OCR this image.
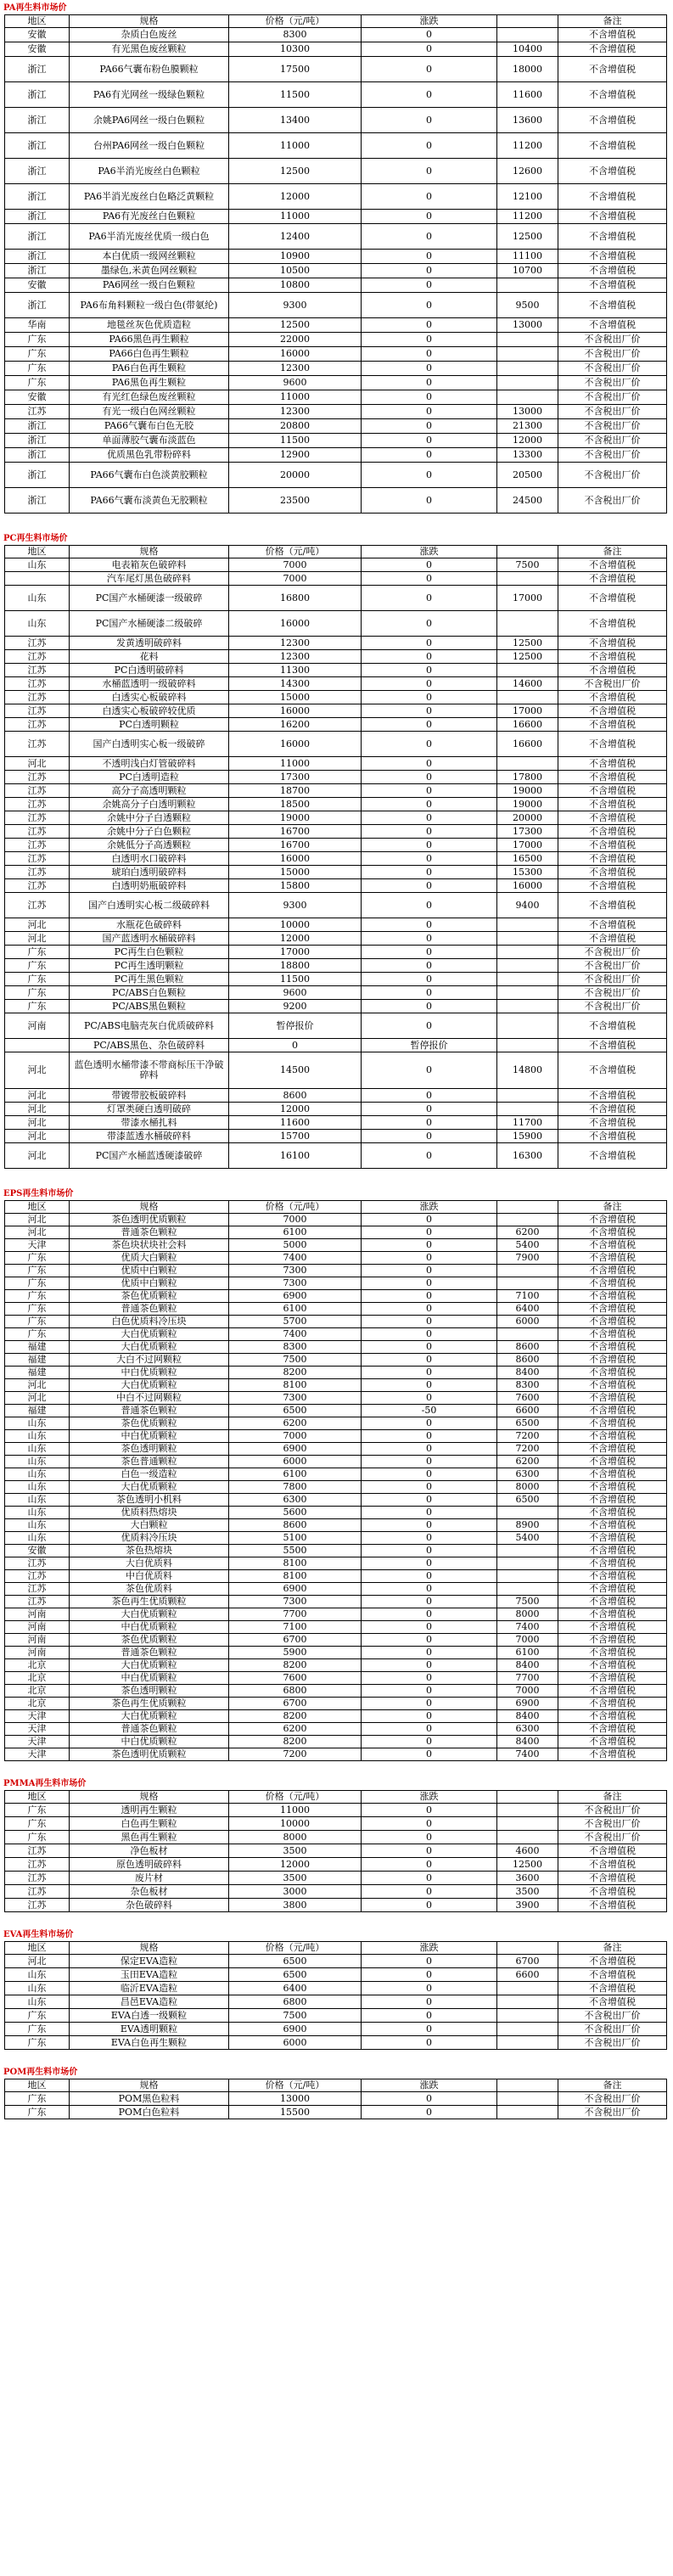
PA再生料市场价
地区	规格	价格（元/吨）	涨跌		备注
安徽	杂质白色废丝	8300	0		不含增值税
安徽	有光黑色废丝颗粒	10300	0	10400	不含增值税
浙江	PA66气囊布粉色膜颗粒	17500	0	18000	不含增值税
浙江	PA6有光网丝一级绿色颗粒	11500	0	11600	不含增值税
浙江	余姚PA6网丝一级白色颗粒	13400	0	13600	不含增值税
浙江	台州PA6网丝一级白色颗粒	11000	0	11200	不含增值税
浙江	PA6半消光废丝白色颗粒	12500	0	12600	不含增值税
浙江	PA6半消光废丝白色略泛黄颗粒	12000	0	12100	不含增值税
浙江	PA6有光废丝白色颗粒	11000	0	11200	不含增值税
浙江	PA6半消光废丝优质一级白色	12400	0	12500	不含增值税
浙江	本白优质一级网丝颗粒	10900	0	11100	不含增值税
浙江	墨绿色,米黄色网丝颗粒	10500	0	10700	不含增值税
安徽	PA6网丝一级白色颗粒	10800	0		不含增值税
浙江	PA6布角料颗粒一级白色(带氨纶)	9300	0	9500	不含增值税
华南	地毯丝灰色优质造粒	12500	0	13000	不含增值税
广东	PA66黑色再生颗粒	22000	0		不含税出厂价
广东	PA66白色再生颗粒	16000	0		不含税出厂价
广东	PA6白色再生颗粒	12300	0		不含税出厂价
广东	PA6黑色再生颗粒	9600	0		不含税出厂价
安徽	有光红色绿色废丝颗粒	11000	0		不含税出厂价
江苏	有光一级白色网丝颗粒	12300	0	13000	不含税出厂价
浙江	PA66气囊布白色无胶	20800	0	21300	不含税出厂价
浙江	单面薄胶气囊布淡蓝色	11500	0	12000	不含税出厂价
浙江	优质黑色乳带粉碎料	12900	0	13300	不含税出厂价
浙江	PA66气囊布白色淡黄胶颗粒	20000	0	20500	不含税出厂价
浙江	PA66气囊布淡黄色无胶颗粒	23500	0	24500	不含税出厂价
PC再生料市场价
地区	规格	价格（元/吨）	涨跌		备注
山东	电表箱灰色破碎料	7000	0	7500	不含增值税
	汽车尾灯黑色破碎料	7000	0		不含增值税
山东	PC国产水桶硬漆一级破碎	16800	0	17000	不含增值税
山东	PC国产水桶硬漆二级破碎	16000	0		不含增值税
江苏	发黄透明破碎料	12300	0	12500	不含增值税
江苏	花料	12300	0	12500	不含增值税
江苏	PC白透明破碎料	11300	0		不含增值税
江苏	水桶蓝透明一级破碎料	14300	0	14600	不含税出厂价
江苏	白透实心板破碎料	15000	0		不含增值税
江苏	白透实心板破碎较优质	16000	0	17000	不含增值税
江苏	PC白透明颗粒	16200	0	16600	不含增值税
江苏	国产白透明实心板一级破碎	16000	0	16600	不含增值税
河北	不透明浅白灯管破碎料	11000	0		不含增值税
江苏	PC白透明造粒	17300	0	17800	不含增值税
江苏	高分子高透明颗粒	18700	0	19000	不含增值税
江苏	余姚高分子白透明颗粒	18500	0	19000	不含增值税
江苏	余姚中分子白透颗粒	19000	0	20000	不含增值税
江苏	余姚中分子白色颗粒	16700	0	17300	不含增值税
江苏	余姚低分子高透颗粒	16700	0	17000	不含增值税
江苏	白透明水口破碎料	16000	0	16500	不含增值税
江苏	琥珀白透明破碎料	15000	0	15300	不含增值税
江苏	白透明奶瓶破碎料	15800	0	16000	不含增值税
江苏	国产白透明实心板二级破碎料	9300	0	9400	不含增值税
河北	水瓶花色破碎料	10000	0		不含增值税
河北	国产蓝透明水桶破碎料	12000	0		不含增值税
广东	PC再生白色颗粒	17000	0		不含税出厂价
广东	PC再生透明颗粒	18800	0		不含税出厂价
广东	PC再生黑色颗粒	11500	0		不含税出厂价
广东	PC/ABS白色颗粒	9600	0		不含税出厂价
广东	PC/ABS黑色颗粒	9200	0		不含税出厂价
河南	PC/ABS电脑壳灰白优质破碎料	暂停报价	0		不含增值税
	PC/ABS黑色、杂色破碎料	0	暂停报价		不含增值税
河北	蓝色透明水桶带漆不带商标压干净破碎料	14500	0	14800	不含增值税
河北	带镀带胶板破碎料	8600	0		不含增值税
河北	灯罩类硬白透明破碎	12000	0		不含增值税
河北	带漆水桶扎料	11600	0	11700	不含增值税
河北	带漆蓝透水桶破碎料	15700	0	15900	不含增值税
河北	PC国产水桶蓝透硬漆破碎	16100	0	16300	不含增值税
EPS再生料市场价
地区	规格	价格（元/吨）	涨跌		备注
河北	茶色透明优质颗粒	7000	0		不含增值税
河北	普通茶色颗粒	6100	0	6200	不含增值税
天津	茶色块状块社会料	5000	0	5400	不含增值税
广东	优质大白颗粒	7400	0	7900	不含增值税
广东	优质中白颗粒	7300	0		不含增值税
广东	优质中白颗粒	7300	0		不含增值税
广东	茶色优质颗粒	6900	0	7100	不含增值税
广东	普通茶色颗粒	6100	0	6400	不含增值税
广东	白色优质料冷压块	5700	0	6000	不含增值税
广东	大白优质颗粒	7400	0		不含增值税
福建	大白优质颗粒	8300	0	8600	不含增值税
福建	大白不过网颗粒	7500	0	8600	不含增值税
福建	中白优质颗粒	8200	0	8400	不含增值税
河北	大白优质颗粒	8100	0	8300	不含增值税
河北	中白不过网颗粒	7300	0	7600	不含增值税
福建	普通茶色颗粒	6500	-50	6600	不含增值税
山东	茶色优质颗粒	6200	0	6500	不含增值税
山东	中白优质颗粒	7000	0	7200	不含增值税
山东	茶色透明颗粒	6900	0	7200	不含增值税
山东	茶色普通颗粒	6000	0	6200	不含增值税
山东	白色一级造粒	6100	0	6300	不含增值税
山东	大白优质颗粒	7800	0	8000	不含增值税
山东	茶色透明小机料	6300	0	6500	不含增值税
山东	优质料热熔块	5600	0		不含增值税
山东	大白颗粒	8600	0	8900	不含增值税
山东	优质料冷压块	5100	0	5400	不含增值税
安徽	茶色热熔块	5500	0		不含增值税
江苏	大白优质料	8100	0		不含增值税
江苏	中白优质料	8100	0		不含增值税
江苏	茶色优质料	6900	0		不含增值税
江苏	茶色再生优质颗粒	7300	0	7500	不含增值税
河南	大白优质颗粒	7700	0	8000	不含增值税
河南	中白优质颗粒	7100	0	7400	不含增值税
河南	茶色优质颗粒	6700	0	7000	不含增值税
河南	普通茶色颗粒	5900	0	6100	不含增值税
北京	大白优质颗粒	8200	0	8400	不含增值税
北京	中白优质颗粒	7600	0	7700	不含增值税
北京	茶色透明颗粒	6800	0	7000	不含增值税
北京	茶色再生优质颗粒	6700	0	6900	不含增值税
天津	大白优质颗粒	8200	0	8400	不含增值税
天津	普通茶色颗粒	6200	0	6300	不含增值税
天津	中白优质颗粒	8200	0	8400	不含增值税
天津	茶色透明优质颗粒	7200	0	7400	不含增值税
PMMA再生料市场价
地区	规格	价格（元/吨）	涨跌		备注
广东	透明再生颗粒	11000	0		不含税出厂价
广东	白色再生颗粒	10000	0		不含税出厂价
广东	黑色再生颗粒	8000	0		不含税出厂价
江苏	净色板材	3500	0	4600	不含增值税
江苏	原色透明破碎料	12000	0	12500	不含增值税
江苏	废片材	3500	0	3600	不含增值税
江苏	杂色板材	3000	0	3500	不含增值税
江苏	杂色破碎料	3800	0	3900	不含增值税
EVA再生料市场价
地区	规格	价格（元/吨）	涨跌		备注
河北	保定EVA造粒	6500	0	6700	不含增值税
山东	玉田EVA造粒	6500	0	6600	不含增值税
山东	临沂EVA造粒	6400	0		不含增值税
山东	昌邑EVA造粒	6800	0		不含增值税
广东	EVA白透一级颗粒	7500	0		不含税出厂价
广东	EVA透明颗粒	6900	0		不含税出厂价
广东	EVA白色再生颗粒	6000	0		不含税出厂价
POM再生料市场价
地区	规格	价格（元/吨）	涨跌		备注
广东	POM黑色粒料	13000	0		不含税出厂价
广东	POM白色粒料	15500	0		不含税出厂价
